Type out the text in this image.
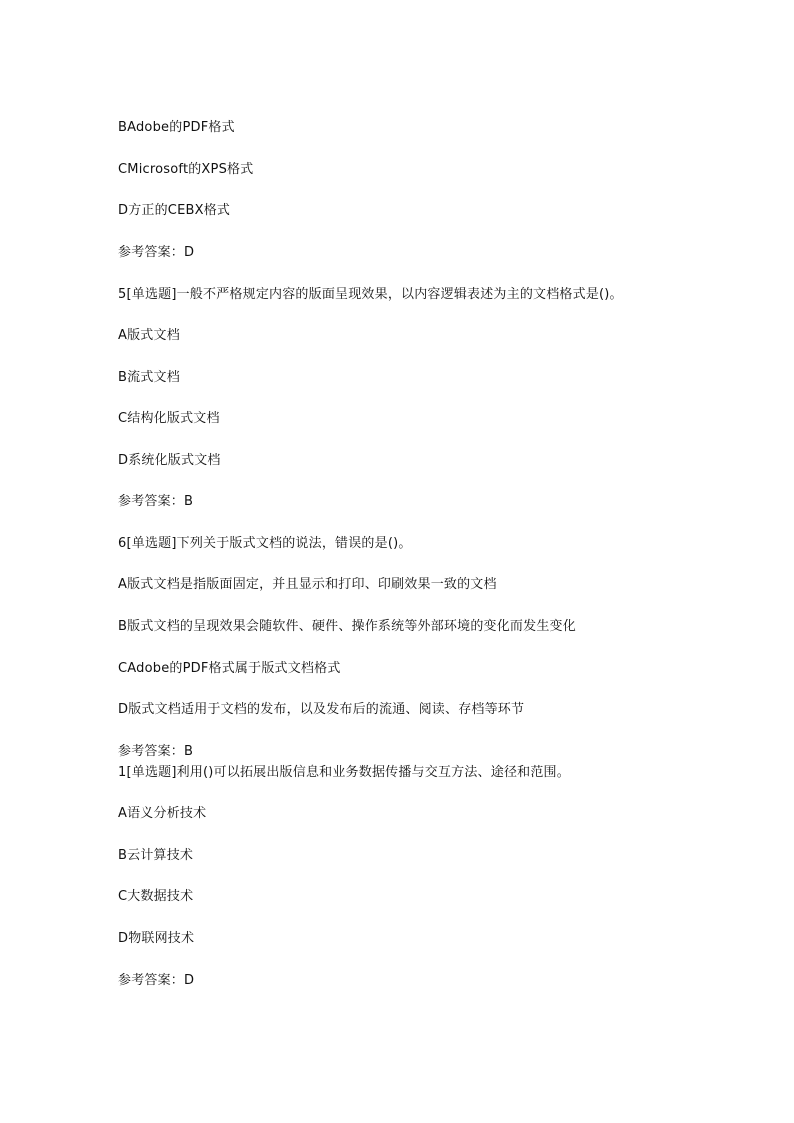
BAdobe的PDF格式
CMicrosoft的XPS格式
D方正的CEBX格式
参考答案：D
5[单选题]一般不严格规定内容的版面呈现效果，以内容逻辑表述为主的文档格式是()。
A版式文档
B流式文档
C结构化版式文档
D系统化版式文档
参考答案：B
6[单选题]下列关于版式文档的说法，错误的是()。
A版式文档是指版面固定，并且显示和打印、印刷效果一致的文档
B版式文档的呈现效果会随软件、硬件、操作系统等外部环境的变化而发生变化
CAdobe的PDF格式属于版式文档格式
D版式文档适用于文档的发布，以及发布后的流通、阅读、存档等环节
参考答案：B
1[单选题]利用()可以拓展出版信息和业务数据传播与交互方法、途径和范围。
A语义分析技术
B云计算技术
C大数据技术
D物联网技术
参考答案：D
